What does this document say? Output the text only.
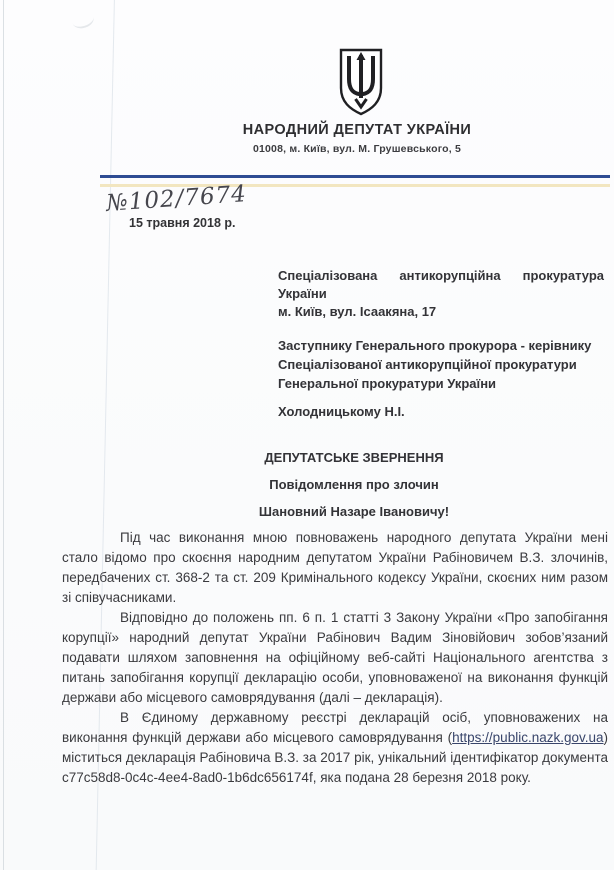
НАРОДНИЙ ДЕПУТАТ УКРАЇНИ
01008, м. Київ, вул. М. Грушевського, 5
№102/7674
15 травня 2018 р.
Спеціалізована антикорупційна прокуратура
України
м. Київ, вул. Ісаакяна, 17
Заступнику Генерального прокурора - керівнику
Спеціалізованої антикорупційної прокуратури
Генеральної прокуратури України
Холодницькому Н.І.
ДЕПУТАТСЬКЕ ЗВЕРНЕННЯ
Повідомлення про злочин
Шановний Назаре Івановичу!

Під час виконання мною повноважень народного депутата України мені стало відомо про скоєння народним депутатом України Рабіновичем В.З. злочинів, передбачених ст. 368-2 та ст. 209 Кримінального кодексу України, скоєних ним разом зі співучасниками.

Відповідно до положень пп. 6 п. 1 статті 3 Закону України «Про запобігання корупції» народний депутат України Рабінович Вадим Зіновійович зобов’язаний подавати шляхом заповнення на офіційному веб-сайті Національного агентства з питань запобігання корупції декларацію особи, уповноваженої на виконання функцій держави або місцевого самоврядування (далі – декларація).

В Єдиному державному реєстрі декларацій осіб, уповноважених на виконання функцій держави або місцевого самоврядування (https://public.nazk.gov.ua) міститься декларація Рабіновича В.З. за 2017 рік, унікальний ідентифікатор документа c77c58d8-0c4c-4ee4-8ad0-1b6dc656174f, яка подана 28 березня 2018 року.
